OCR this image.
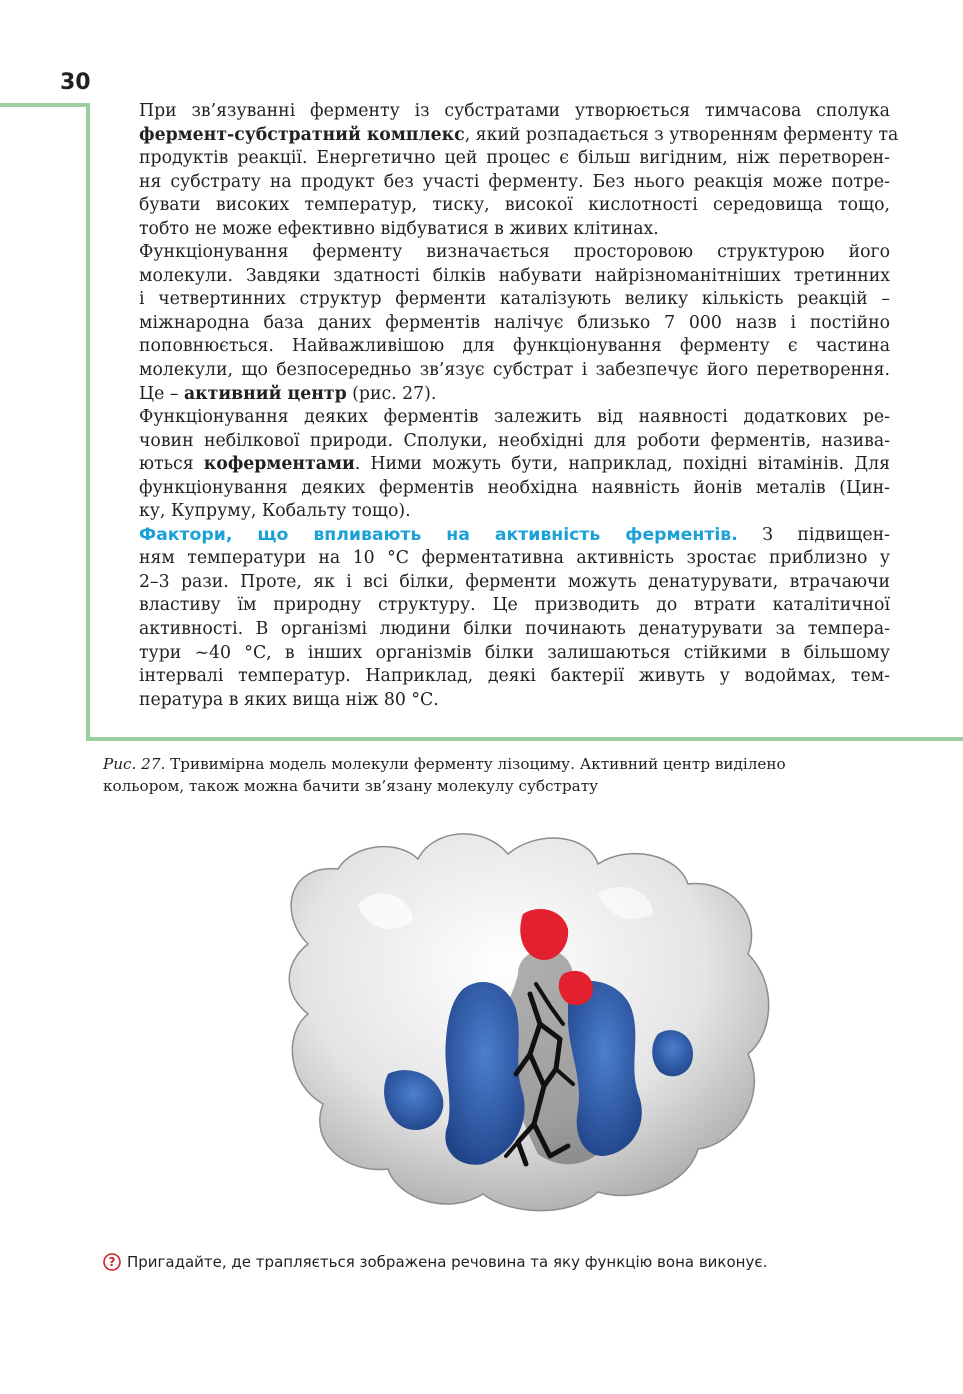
30

При зв’язуванні ферменту із субстратами утворюється тимчасова сполука
фермент-субстратний комплекс, який розпадається з утворенням ферменту та
продуктів реакції. Енергетично цей процес є більш вигідним, ніж перетворен-
ня субстрату на продукт без участі ферменту. Без нього реакція може потре-
бувати високих температур, тиску, високої кислотності середовища тощо,
тобто не може ефективно відбуватися в живих клітинах.

Функціонування ферменту визначається просторовою структурою його
молекули. Завдяки здатності білків набувати найрізноманітніших третинних
і четвертинних структур ферменти каталізують велику кількість реакцій –
міжнародна база даних ферментів налічує близько 7 000 назв і постійно
поповнюється. Найважливішою для функціонування ферменту є частина
молекули, що безпосередньо зв’язує субстрат і забезпечує його перетворення.
Це – активний центр (рис. 27).

Функціонування деяких ферментів залежить від наявності додаткових ре-
човин небілкової природи. Сполуки, необхідні для роботи ферментів, назива-
ються коферментами. Ними можуть бути, наприклад, похідні вітамінів. Для
функціонування деяких ферментів необхідна наявність йонів металів (Цин-
ку, Купруму, Кобальту тощо).

Фактори, що впливають на активність ферментів. З підвищен-
ням температури на 10 °С ферментативна активність зростає приблизно у
2–3 рази. Проте, як і всі білки, ферменти можуть денатурувати, втрачаючи
властиву їм природну структуру. Це призводить до втрати каталітичної
активності. В організмі людини білки починають денатурувати за темпера-
тури ~40 °С, в інших організмів білки залишаються стійкими в більшому
інтервалі температур. Наприклад, деякі бактерії живуть у водоймах, тем-
пература в яких вища ніж 80 °С.

Рис. 27. Тривимірна модель молекули ферменту лізоциму. Активний центр виділено
кольором, також можна бачити зв’язану молекулу субстрату
? Пригадайте, де трапляється зображена речовина та яку функцію вона виконує.
